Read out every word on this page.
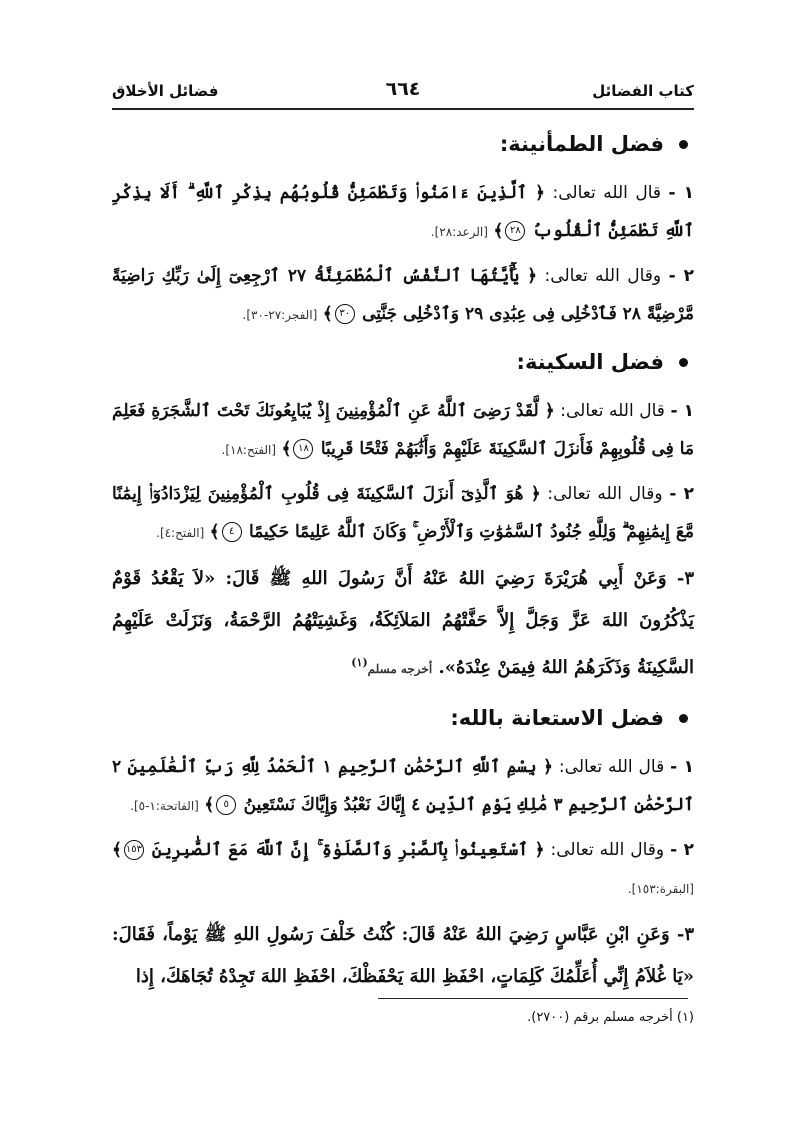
كتاب الفضائل
٦٦٤
فضائل الأخلاق
فضل الطمأنينة:
١ - قال الله تعالى: ﴿ ٱلَّذِينَ ءَامَنُوا۟ وَتَطْمَئِنُّ قُلُوبُهُم بِذِكْرِ ٱللَّهِ ۗ أَلَا بِذِكْرِ ٱللَّهِ تَطْمَئِنُّ ٱلْقُلُوبُ ٢٨﴾ [الرعد:٢٨].
٢ - وقال الله تعالى: ﴿ يَٰٓأَيَّتُهَا ٱلنَّفْسُ ٱلْمُطْمَئِنَّةُ ٢٧ ٱرْجِعِىٓ إِلَىٰ رَبِّكِ رَاضِيَةً مَّرْضِيَّةً ٢٨ فَٱدْخُلِى فِى عِبَٰدِى ٢٩ وَٱدْخُلِى جَنَّتِى ٣٠﴾ [الفجر:٢٧-٣٠].
فضل السكينة:
١ - قال الله تعالى: ﴿ لَّقَدْ رَضِىَ ٱللَّهُ عَنِ ٱلْمُؤْمِنِينَ إِذْ يُبَايِعُونَكَ تَحْتَ ٱلشَّجَرَةِ فَعَلِمَ مَا فِى قُلُوبِهِمْ فَأَنزَلَ ٱلسَّكِينَةَ عَلَيْهِمْ وَأَثَٰبَهُمْ فَتْحًا قَرِيبًا ١٨﴾ [الفتح:١٨].
٢ - وقال الله تعالى: ﴿ هُوَ ٱلَّذِىٓ أَنزَلَ ٱلسَّكِينَةَ فِى قُلُوبِ ٱلْمُؤْمِنِينَ لِيَزْدَادُوٓا۟ إِيمَٰنًا مَّعَ إِيمَٰنِهِمْ ۗ وَلِلَّهِ جُنُودُ ٱلسَّمَٰوَٰتِ وَٱلْأَرْضِ ۚ وَكَانَ ٱللَّهُ عَلِيمًا حَكِيمًا ٤﴾ [الفتح:٤].
٣- وَعَنْ أَبِي هُرَيْرَةَ رَضِيَ اللهُ عَنْهُ أَنَّ رَسُولَ اللهِ ﷺ قَالَ: «لاَ يَقْعُدُ قَوْمٌ يَذْكُرُونَ اللهَ عَزَّ وَجَلَّ إِلاَّ حَفَّتْهُمُ المَلاَئِكَةُ، وَغَشِيَتْهُمُ الرَّحْمَةُ، وَنَزَلَتْ عَلَيْهِمُ السَّكِينَةُ وَذَكَرَهُمُ اللهُ فِيمَنْ عِنْدَهُ». أخرجه مسلم$^{(١)}$
فضل الاستعانة بالله:
١ - قال الله تعالى: ﴿ بِسْمِ ٱللَّهِ ٱلرَّحْمَٰنِ ٱلرَّحِيمِ ١ ٱلْحَمْدُ لِلَّهِ رَبِّ ٱلْعَٰلَمِينَ ٢ ٱلرَّحْمَٰنِ ٱلرَّحِيمِ ٣ مَٰلِكِ يَوْمِ ٱلدِّينِ ٤ إِيَّاكَ نَعْبُدُ وَإِيَّاكَ نَسْتَعِينُ ٥﴾ [الفاتحة:١-٥].
٢ - وقال الله تعالى: ﴿ ٱسْتَعِينُوا۟ بِٱلصَّبْرِ وَٱلصَّلَوٰةِ ۚ إِنَّ ٱللَّهَ مَعَ ٱلصَّٰبِرِينَ ١٥٣﴾ [البقرة:١٥٣].
٣- وَعَنِ ابْنِ عَبَّاسٍ رَضِيَ اللهُ عَنْهُ قَالَ: كُنْتُ خَلْفَ رَسُولِ اللهِ ﷺ يَوْماً، فَقَالَ: «يَا غُلاَمُ إِنِّي أُعَلِّمُكَ كَلِمَاتٍ، احْفَظِ اللهَ يَحْفَظْكَ، احْفَظِ اللهَ تَجِدْهُ تُجَاهَكَ، إِذا
(١) أخرجه مسلم برقم (٢٧٠٠).
